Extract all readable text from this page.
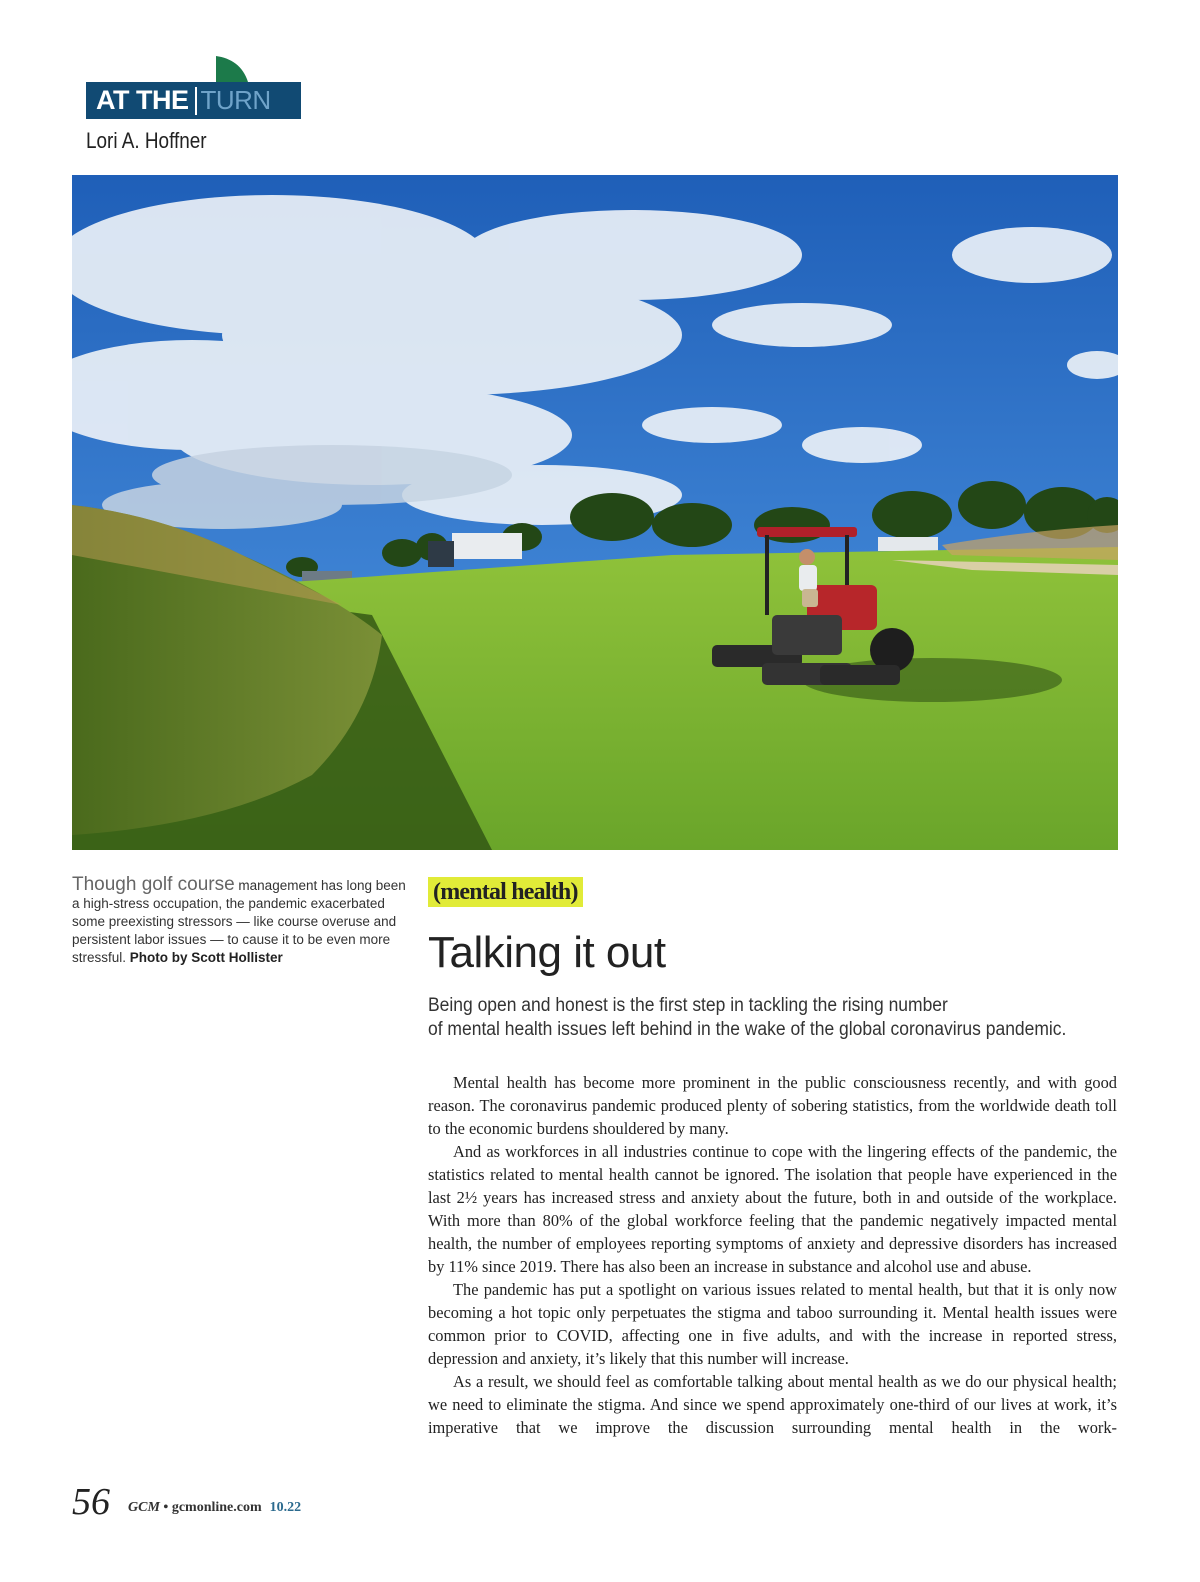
AT THE TURN
Lori A. Hoffner
Though golf course management has long been a high-stress occupation, the pandemic exacerbated some preexisting stressors — like course overuse and persistent labor issues — to cause it to be even more stressful. Photo by Scott Hollister
(mental health)
Talking it out
Being open and honest is the first step in tackling the rising number
of mental health issues left behind in the wake of the global coronavirus pandemic.

Mental health has become more prominent in the public consciousness recently, and with good reason. The coronavirus pandemic produced plenty of sobering statistics, from the worldwide death toll to the economic burdens shouldered by many.

And as workforces in all industries continue to cope with the lingering effects of the pandemic, the statistics related to mental health cannot be ignored. The isolation that people have experienced in the last 2½ years has increased stress and anxiety about the future, both in and outside of the workplace. With more than 80% of the global workforce feeling that the pandemic negatively impacted mental health, the number of employees reporting symptoms of anxiety and depressive disorders has increased by 11% since 2019. There has also been an increase in substance and alcohol use and abuse.

The pandemic has put a spotlight on various issues related to mental health, but that it is only now becoming a hot topic only perpetuates the stigma and taboo surrounding it. Mental health issues were common prior to COVID, affecting one in five adults, and with the increase in reported stress, depression and anxiety, it’s likely that this number will increase.

As a result, we should feel as comfortable talking about mental health as we do our physical health; we need to eliminate the stigma. And since we spend approximately one-third of our lives at work, it’s imperative that we improve the discussion surrounding mental health in the work-

56 GCM • gcmonline.com 10.22
